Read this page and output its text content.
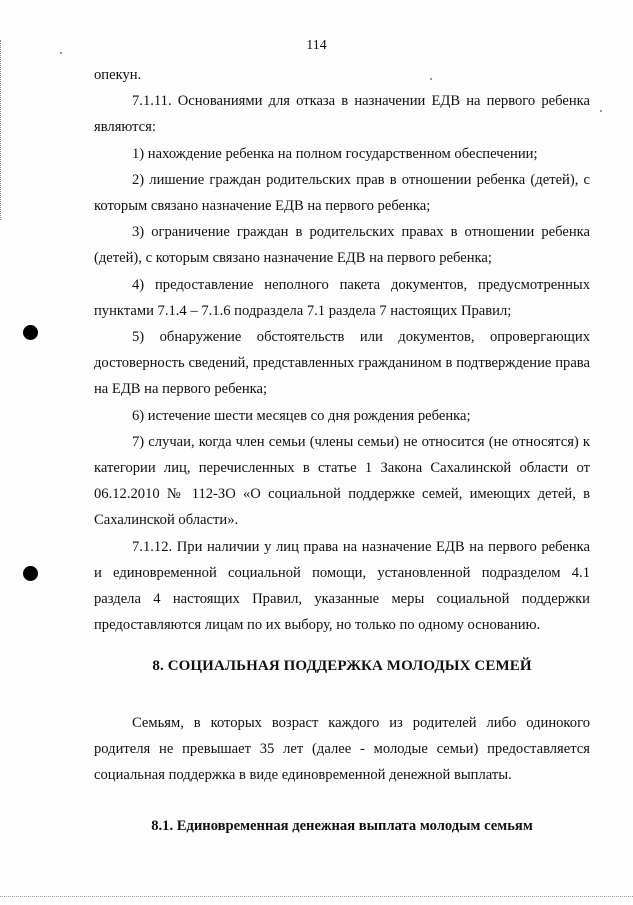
114

опекун.

7.1.11. Основаниями для отказа в назначении ЕДВ на первого ребенка являются:

1) нахождение ребенка на полном государственном обеспечении;

2) лишение граждан родительских прав в отношении ребенка (детей), с которым связано назначение ЕДВ на первого ребенка;

3) ограничение граждан в родительских правах в отношении ребенка (детей), с которым связано назначение ЕДВ на первого ребенка;

4) предоставление неполного пакета документов, предусмотренных пунктами 7.1.4 – 7.1.6 подраздела 7.1 раздела 7 настоящих Правил;

5) обнаружение обстоятельств или документов, опровергающих достоверность сведений, представленных гражданином в подтверждение права на ЕДВ на первого ребенка;

6) истечение шести месяцев со дня рождения ребенка;

7) случаи, когда член семьи (члены семьи) не относится (не относятся) к категории лиц, перечисленных в статье 1 Закона Сахалинской области от 06.12.2010 № 112-ЗО «О социальной поддержке семей, имеющих детей, в Сахалинской области».

7.1.12. При наличии у лиц права на назначение ЕДВ на первого ребенка и единовременной социальной помощи, установленной подразделом 4.1 раздела 4 настоящих Правил, указанные меры социальной поддержки предоставляются лицам по их выбору, но только по одному основанию.

8. СОЦИАЛЬНАЯ ПОДДЕРЖКА МОЛОДЫХ СЕМЕЙ

Семьям, в которых возраст каждого из родителей либо одинокого родителя не превышает 35 лет (далее - молодые семьи) предоставляется социальная поддержка в виде единовременной денежной выплаты.

8.1. Единовременная денежная выплата молодым семьям
